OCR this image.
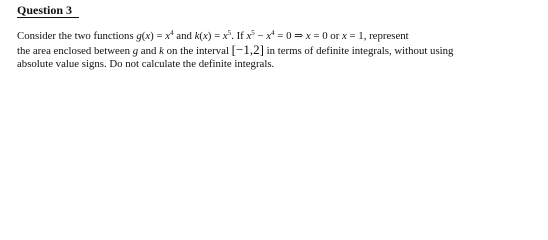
Question 3
Consider the two functions $g(x) = x^4$ and $k(x) = x^5$. If $x^5 - x^4 = 0$ ⇒ x = 0 or x = 1, represent
the area enclosed between g and k on the interval [−1,2] in terms of definite integrals, without using
absolute value signs. Do not calculate the definite integrals.
